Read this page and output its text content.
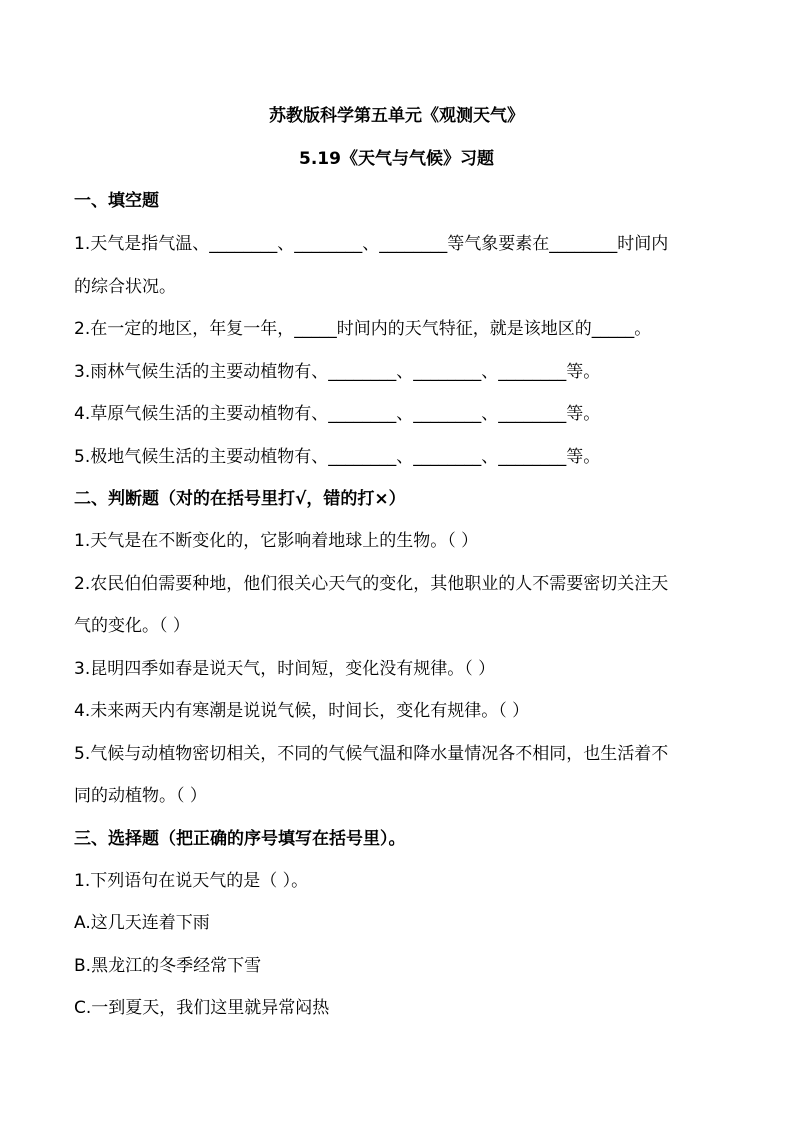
苏教版科学第五单元《观测天气》
5.19《天气与气候》习题
一、填空题
1.天气是指气温、________、________、________等气象要素在________时间内
的综合状况。
2.在一定的地区，年复一年，_____时间内的天气特征，就是该地区的_____。
3.雨林气候生活的主要动植物有、________、________、________等。
4.草原气候生活的主要动植物有、________、________、________等。
5.极地气候生活的主要动植物有、________、________、________等。
二、判断题（对的在括号里打√，错的打×）
1.天气是在不断变化的，它影响着地球上的生物。（ ）
2.农民伯伯需要种地，他们很关心天气的变化，其他职业的人不需要密切关注天
气的变化。（ ）
3.昆明四季如春是说天气，时间短，变化没有规律。（ ）
4.未来两天内有寒潮是说说气候，时间长，变化有规律。（ ）
5.气候与动植物密切相关，不同的气候气温和降水量情况各不相同，也生活着不
同的动植物。（ ）
三、选择题（把正确的序号填写在括号里）。
1.下列语句在说天气的是（ ）。
A.这几天连着下雨
B.黑龙江的冬季经常下雪
C.一到夏天，我们这里就异常闷热
